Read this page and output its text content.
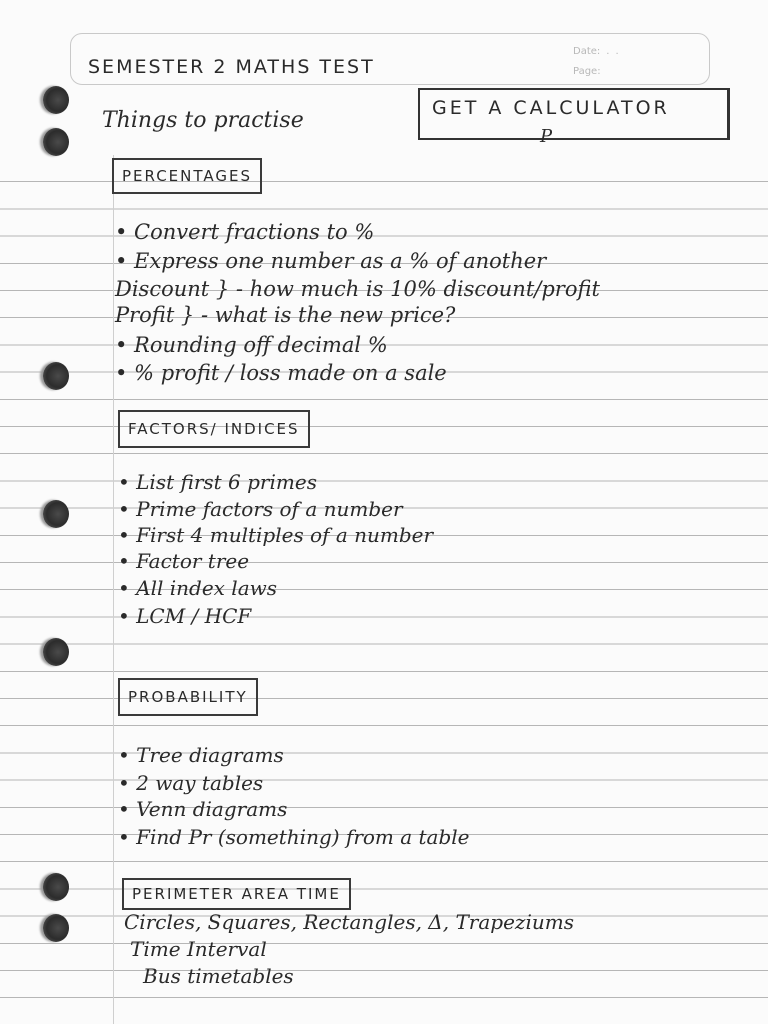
Date: ..
Page:
SEMESTER 2 MATHS TEST
Things to practise	GET A CALCULATOR
P
PERCENTAGES
• Convert fractions to %
• Express one number as a % of another
Discount } - how much is 10% discount/profit
Profit } - what is the new price?
• Rounding off decimal %
• % profit / loss made on a sale
FACTORS/ INDICES
• List first 6 primes
• Prime factors of a number
• First 4 multiples of a number
• Factor tree
• All index laws
• LCM / HCF
PROBABILITY
• Tree diagrams
• 2 way tables
• Venn diagrams
• Find Pr (something) from a table
PERIMETER AREA TIME
Circles, Squares, Rectangles, Δ, Trapeziums
Time Interval
Bus timetables
